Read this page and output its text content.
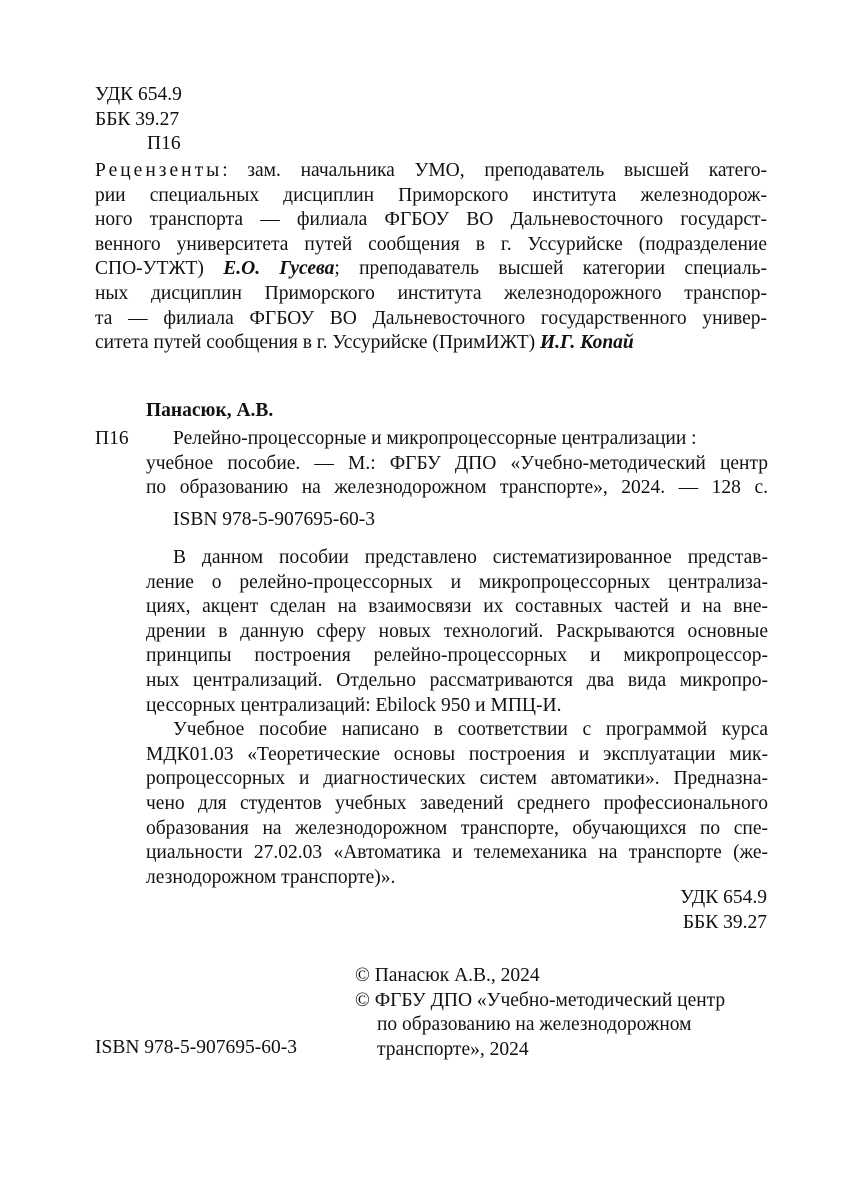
УДК 654.9
ББК 39.27
П16
Рецензенты: зам. начальника УМО, преподаватель высшей катего-
рии специальных дисциплин Приморского института железнодорож-
ного транспорта — филиала ФГБОУ ВО Дальневосточного государст-
венного университета путей сообщения в г. Уссурийске (подразделение
СПО-УТЖТ) Е.О. Гусева; преподаватель высшей категории специаль-
ных дисциплин Приморского института железнодорожного транспор-
та — филиала ФГБОУ ВО Дальневосточного государственного универ-
ситета путей сообщения в г. Уссурийске (ПримИЖТ) И.Г. Копай
Панасюк, А.В.
П16	Релейно-процессорные и микропроцессорные централизации :
учебное пособие. — М.: ФГБУ ДПО «Учебно-методический центр
по образованию на железнодорожном транспорте», 2024. — 128 с.
ISBN 978-5-907695-60-3
В данном пособии представлено систематизированное представ-
ление о релейно-процессорных и микропроцессорных централиза-
циях, акцент сделан на взаимосвязи их составных частей и на вне-
дрении в данную сферу новых технологий. Раскрываются основные
принципы построения релейно-процессорных и микропроцессор-
ных централизаций. Отдельно рассматриваются два вида микропро-
цессорных централизаций: Ebilock 950 и МПЦ-И.
Учебное пособие написано в соответствии с программой курса
МДК01.03 «Теоретические основы построения и эксплуатации мик-
ропроцессорных и диагностических систем автоматики». Предназна-
чено для студентов учебных заведений среднего профессионального
образования на железнодорожном транспорте, обучающихся по спе-
циальности 27.02.03 «Автоматика и телемеханика на транспорте (же-
лезнодорожном транспорте)».
УДК 654.9
ББК 39.27
© Панасюк А.В., 2024
© ФГБУ ДПО «Учебно-методический центр
по образованию на железнодорожном
транспорте», 2024
ISBN 978-5-907695-60-3
